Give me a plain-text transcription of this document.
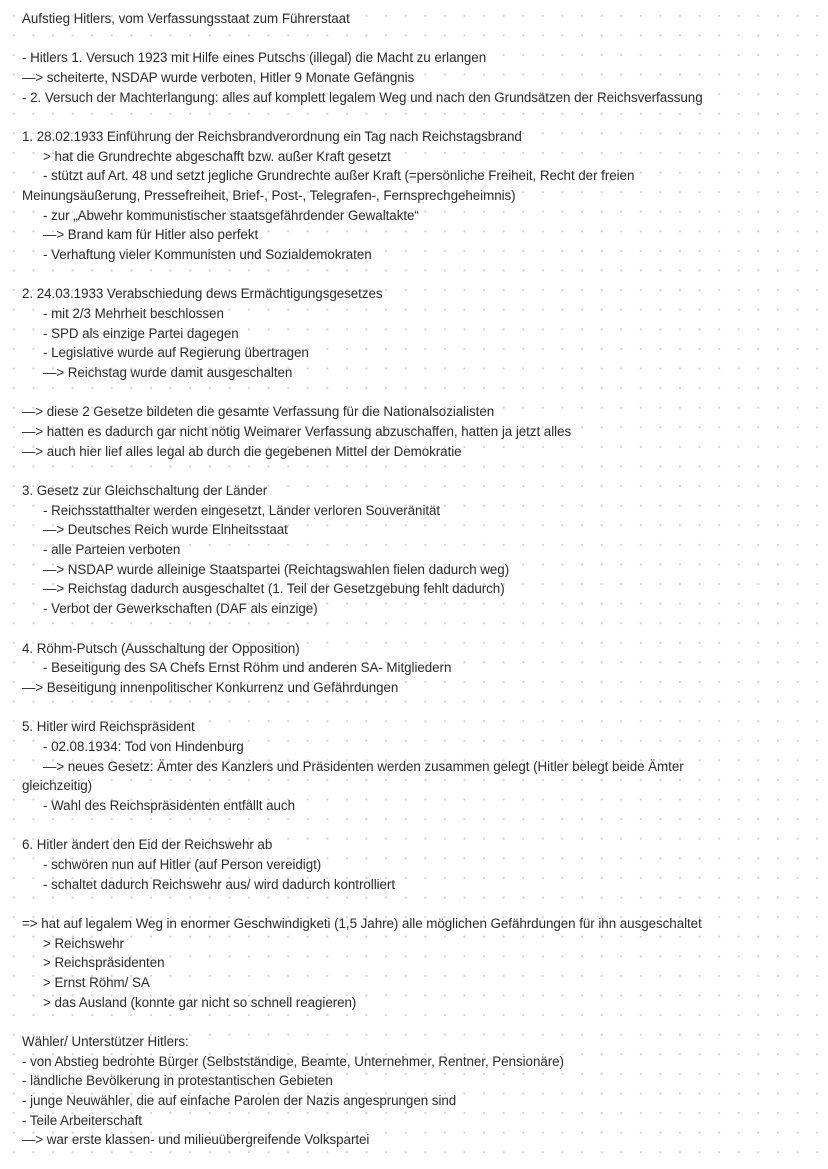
Aufstieg Hitlers, vom Verfassungsstaat zum Führerstaat
- Hitlers 1. Versuch 1923 mit Hilfe eines Putschs (illegal) die Macht zu erlangen
—> scheiterte, NSDAP wurde verboten, Hitler 9 Monate Gefängnis
- 2. Versuch der Machterlangung: alles auf komplett legalem Weg und nach den Grundsätzen der Reichsverfassung
1. 28.02.1933 Einführung der Reichsbrandverordnung ein Tag nach Reichstagsbrand
> hat die Grundrechte abgeschafft bzw. außer Kraft gesetzt
- stützt auf Art. 48 und setzt jegliche Grundrechte außer Kraft (=persönliche Freiheit, Recht der freien
Meinungsäußerung, Pressefreiheit, Brief-, Post-, Telegrafen-, Fernsprechgeheimnis)
- zur „Abwehr kommunistischer staatsgefährdender Gewaltakte“
—> Brand kam für Hitler also perfekt
- Verhaftung vieler Kommunisten und Sozialdemokraten
2. 24.03.1933 Verabschiedung dews Ermächtigungsgesetzes
- mit 2/3 Mehrheit beschlossen
- SPD als einzige Partei dagegen
- Legislative wurde auf Regierung übertragen
—> Reichstag wurde damit ausgeschalten
—> diese 2 Gesetze bildeten die gesamte Verfassung für die Nationalsozialisten
—> hatten es dadurch gar nicht nötig Weimarer Verfassung abzuschaffen, hatten ja jetzt alles
—> auch hier lief alles legal ab durch die gegebenen Mittel der Demokratie
3. Gesetz zur Gleichschaltung der Länder
- Reichsstatthalter werden eingesetzt, Länder verloren Souveränität
—> Deutsches Reich wurde Elnheitsstaat
- alle Parteien verboten
—> NSDAP wurde alleinige Staatspartei (Reichtagswahlen fielen dadurch weg)
—> Reichstag dadurch ausgeschaltet (1. Teil der Gesetzgebung fehlt dadurch)
- Verbot der Gewerkschaften (DAF als einzige)
4. Röhm-Putsch (Ausschaltung der Opposition)
- Beseitigung des SA Chefs Ernst Röhm und anderen SA- Mitgliedern
—> Beseitigung innenpolitischer Konkurrenz und Gefährdungen
5. Hitler wird Reichspräsident
- 02.08.1934: Tod von Hindenburg
—> neues Gesetz: Ämter des Kanzlers und Präsidenten werden zusammen gelegt (Hitler belegt beide Ämter
gleichzeitig)
- Wahl des Reichspräsidenten entfällt auch
6. Hitler ändert den Eid der Reichswehr ab
- schwören nun auf Hitler (auf Person vereidigt)
- schaltet dadurch Reichswehr aus/ wird dadurch kontrolliert
=> hat auf legalem Weg in enormer Geschwindigketi (1,5 Jahre) alle möglichen Gefährdungen für ihn ausgeschaltet
> Reichswehr
> Reichspräsidenten
> Ernst Röhm/ SA
> das Ausland (konnte gar nicht so schnell reagieren)
Wähler/ Unterstützer Hitlers:
- von Abstieg bedrohte Bürger (Selbstständige, Beamte, Unternehmer, Rentner, Pensionäre)
- ländliche Bevölkerung in protestantischen Gebieten
- junge Neuwähler, die auf einfache Parolen der Nazis angesprungen sind
- Teile Arbeiterschaft
—> war erste klassen- und milieuübergreifende Volkspartei
